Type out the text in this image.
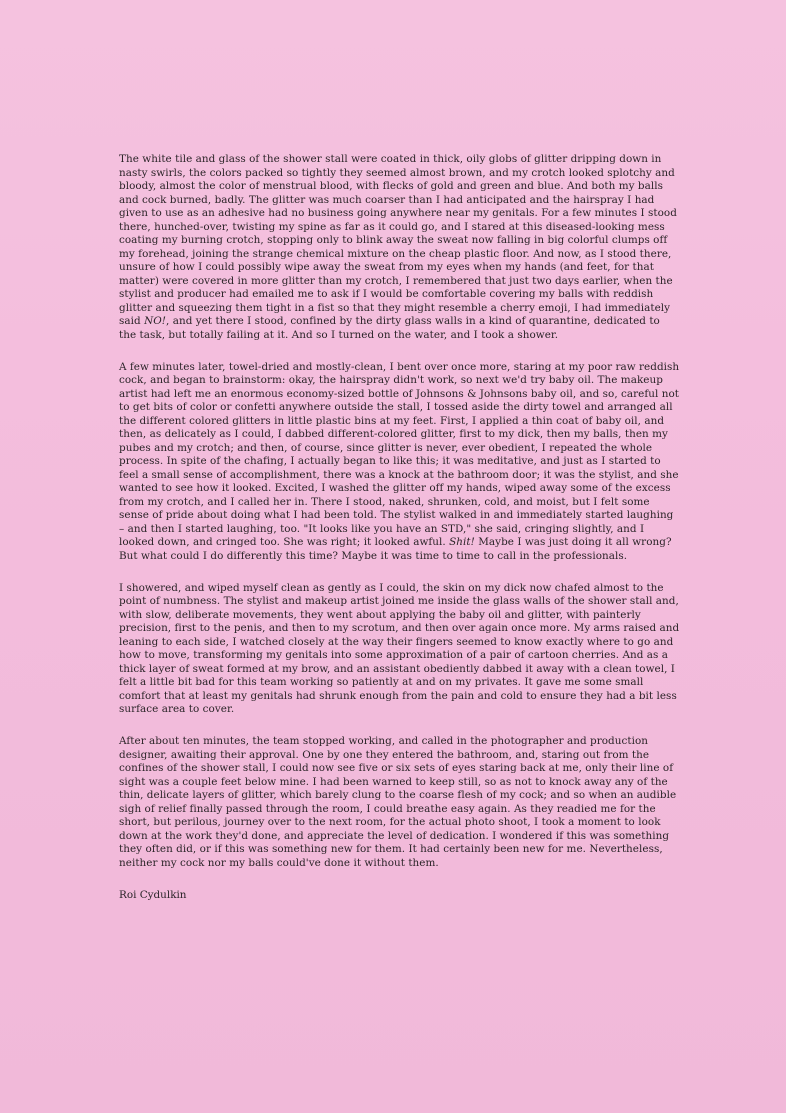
The white tile and glass of the shower stall were coated in thick, oily globs of glitter dripping down in
nasty swirls, the colors packed so tightly they seemed almost brown, and my crotch looked splotchy and
bloody, almost the color of menstrual blood, with flecks of gold and green and blue. And both my balls
and cock burned, badly. The glitter was much coarser than I had anticipated and the hairspray I had
given to use as an adhesive had no business going anywhere near my genitals. For a few minutes I stood
there, hunched-over, twisting my spine as far as it could go, and I stared at this diseased-looking mess
coating my burning crotch, stopping only to blink away the sweat now falling in big colorful clumps off
my forehead, joining the strange chemical mixture on the cheap plastic floor. And now, as I stood there,
unsure of how I could possibly wipe away the sweat from my eyes when my hands (and feet, for that
matter) were covered in more glitter than my crotch, I remembered that just two days earlier, when the
stylist and producer had emailed me to ask if I would be comfortable covering my balls with reddish
glitter and squeezing them tight in a fist so that they might resemble a cherry emoji, I had immediately
said NO!, and yet there I stood, confined by the dirty glass walls in a kind of quarantine, dedicated to
the task, but totally failing at it. And so I turned on the water, and I took a shower.
A few minutes later, towel-dried and mostly-clean, I bent over once more, staring at my poor raw reddish
cock, and began to brainstorm: okay, the hairspray didn't work, so next we'd try baby oil. The makeup
artist had left me an enormous economy-sized bottle of Johnsons & Johnsons baby oil, and so, careful not
to get bits of color or confetti anywhere outside the stall, I tossed aside the dirty towel and arranged all
the different colored glitters in little plastic bins at my feet. First, I applied a thin coat of baby oil, and
then, as delicately as I could, I dabbed different-colored glitter, first to my dick, then my balls, then my
pubes and my crotch; and then, of course, since glitter is never, ever obedient, I repeated the whole
process. In spite of the chafing, I actually began to like this; it was meditative, and just as I started to
feel a small sense of accomplishment, there was a knock at the bathroom door; it was the stylist, and she
wanted to see how it looked. Excited, I washed the glitter off my hands, wiped away some of the excess
from my crotch, and I called her in. There I stood, naked, shrunken, cold, and moist, but I felt some
sense of pride about doing what I had been told. The stylist walked in and immediately started laughing
– and then I started laughing, too. "It looks like you have an STD," she said, cringing slightly, and I
looked down, and cringed too. She was right; it looked awful. Shit! Maybe I was just doing it all wrong?
But what could I do differently this time? Maybe it was time to time to call in the professionals.
I showered, and wiped myself clean as gently as I could, the skin on my dick now chafed almost to the
point of numbness. The stylist and makeup artist joined me inside the glass walls of the shower stall and,
with slow, deliberate movements, they went about applying the baby oil and glitter, with painterly
precision, first to the penis, and then to my scrotum, and then over again once more. My arms raised and
leaning to each side, I watched closely at the way their fingers seemed to know exactly where to go and
how to move, transforming my genitals into some approximation of a pair of cartoon cherries. And as a
thick layer of sweat formed at my brow, and an assistant obediently dabbed it away with a clean towel, I
felt a little bit bad for this team working so patiently at and on my privates. It gave me some small
comfort that at least my genitals had shrunk enough from the pain and cold to ensure they had a bit less
surface area to cover.
After about ten minutes, the team stopped working, and called in the photographer and production
designer, awaiting their approval. One by one they entered the bathroom, and, staring out from the
confines of the shower stall, I could now see five or six sets of eyes staring back at me, only their line of
sight was a couple feet below mine. I had been warned to keep still, so as not to knock away any of the
thin, delicate layers of glitter, which barely clung to the coarse flesh of my cock; and so when an audible
sigh of relief finally passed through the room, I could breathe easy again. As they readied me for the
short, but perilous, journey over to the next room, for the actual photo shoot, I took a moment to look
down at the work they'd done, and appreciate the level of dedication. I wondered if this was something
they often did, or if this was something new for them. It had certainly been new for me. Nevertheless,
neither my cock nor my balls could've done it without them.
Roi Cydulkin
